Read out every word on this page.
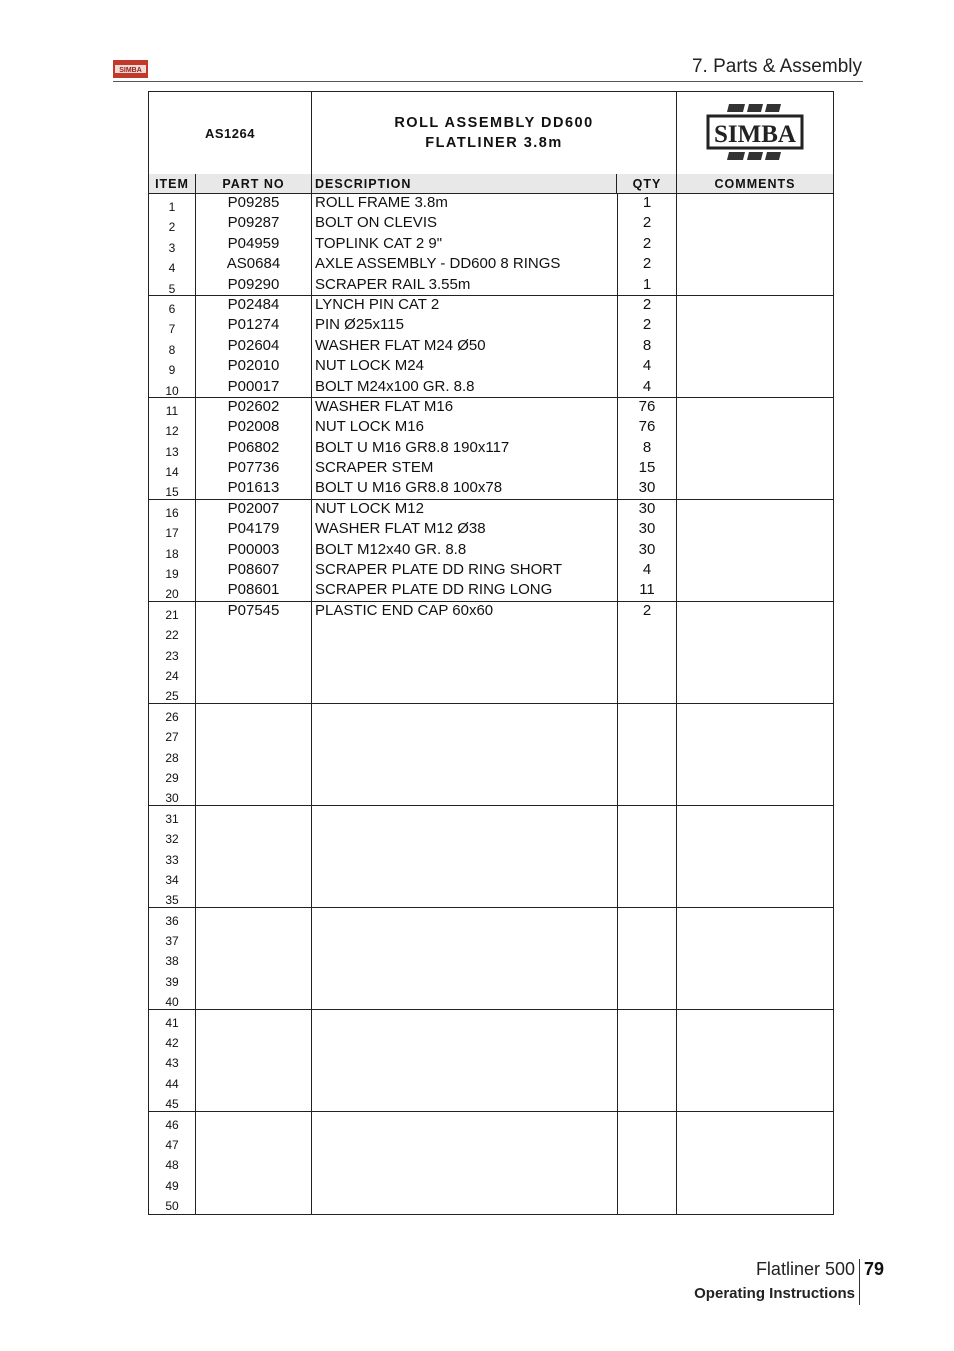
SIMBA	7. Parts & Assembly
AS1264
ROLL ASSEMBLY DD600
FLATLINER 3.8m	SIMBA
ITEM	PART NO	DESCRIPTION	QTY	COMMENTS
1	P09285	ROLL FRAME 3.8m	1
2	P09287	BOLT ON CLEVIS	2
3	P04959	TOPLINK CAT 2 9"	2
4	AS0684	AXLE ASSEMBLY - DD600 8 RINGS	2
5	P09290	SCRAPER RAIL 3.55m	1
6	P02484	LYNCH PIN CAT 2	2
7	P01274	PIN Ø25x115	2
8	P02604	WASHER FLAT M24 Ø50	8
9	P02010	NUT LOCK M24	4
10	P00017	BOLT M24x100 GR. 8.8	4
11	P02602	WASHER FLAT M16	76
12	P02008	NUT LOCK M16	76
13	P06802	BOLT U M16 GR8.8 190x117	8
14	P07736	SCRAPER STEM	15
15	P01613	BOLT U M16 GR8.8 100x78	30
16	P02007	NUT LOCK M12	30
17	P04179	WASHER FLAT M12 Ø38	30
18	P00003	BOLT M12x40 GR. 8.8	30
19	P08607	SCRAPER PLATE DD RING SHORT	4
20	P08601	SCRAPER PLATE DD RING LONG	11
21	P07545	PLASTIC END CAP 60x60	2
22
23
24
25
26
27
28
29
30
31
32
33
34
35
36
37
38
39
40
41
42
43
44
45
46
47
48
49
50
Flatliner 500 79
Operating Instructions
